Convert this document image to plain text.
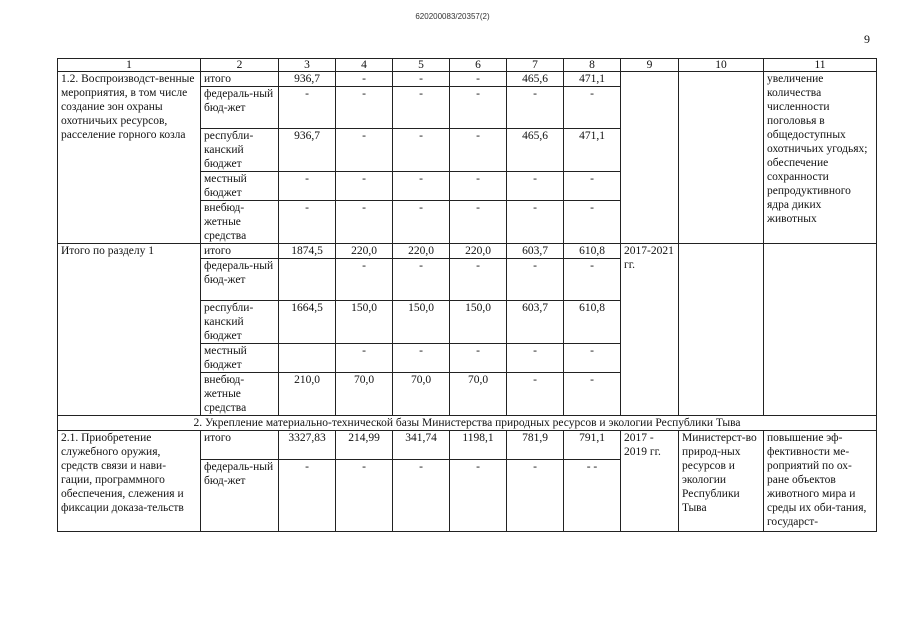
620200083/20357(2)
9
1	2	3	4	5	6	7	8	9	10	11
1.2. Воспроизводст-венные мероприятия, в том числе создание зон охраны охотничьих ресурсов, расселение горного козла	итого	936,7	-	-	-	465,6	471,1			увеличение количества численности поголовья в общедоступных охотничьих угодьях; обеспечение сохранности репродуктивного ядра диких животных
	федераль-ный бюд-жет	-	-	-	-	-	-			
	республи-канский бюджет	936,7	-	-	-	465,6	471,1			
	местный бюджет	-	-	-	-	-	-			
	внебюд-жетные средства	-	-	-	-	-	-			
Итого по разделу 1	итого	1874,5	220,0	220,0	220,0	603,7	610,8	2017-2021 гг.		
	федераль-ный бюд-жет		-	-	-	-	-			
	республи-канский бюджет	1664,5	150,0	150,0	150,0	603,7	610,8			
	местный бюджет		-	-	-	-	-			
	внебюд-жетные средства	210,0	70,0	70,0	70,0	-	-			
2. Укрепление материально-технической базы Министерства природных ресурсов и экологии Республики Тыва										
2.1. Приобретение служебного оружия, средств связи и нави-гации, программного обеспечения, слежения и фиксации доказа-тельств	итого	3327,83	214,99	341,74	1198,1	781,9	791,1	2017 - 2019 гг.	Министерст-во природ-ных ресурсов и экологии Республики Тыва	повышение эф-фективности ме-роприятий по ох-ране объектов животного мира и среды их оби-тания, государст-
	федераль-ный бюд-жет	-	-	-	-	-	- -			
